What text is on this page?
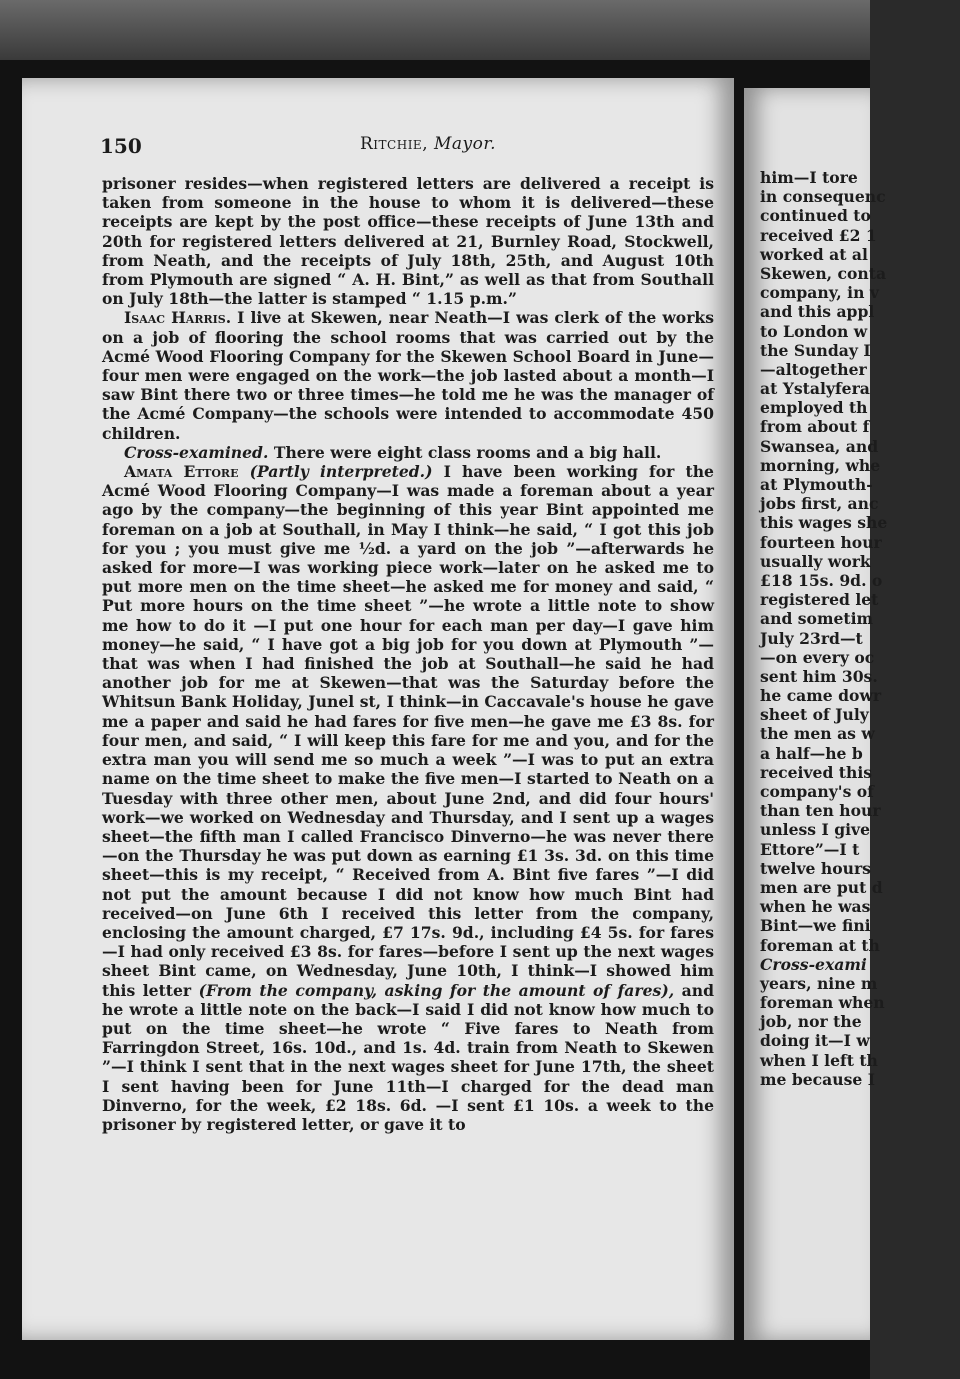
150	Ritchie, Mayor.

prisoner resides—when registered letters are delivered a receipt is taken from someone in the house to whom it is delivered—these receipts are kept by the post office—these receipts of June 13th and 20th for registered letters delivered at 21, Burnley Road, Stockwell, from Neath, and the receipts of July 18th, 25th, and August 10th from Plymouth are signed “ A. H. Bint,” as well as that from Southall on July 18th—the latter is stamped “ 1.15 p.m.”

Isaac Harris. I live at Skewen, near Neath—I was clerk of the works on a job of flooring the school rooms that was carried out by the Acmé Wood Flooring Company for the Skewen School Board in June—four men were engaged on the work—the job lasted about a month—I saw Bint there two or three times—he told me he was the manager of the Acmé Company—the schools were intended to accommodate 450 children.

Cross-examined. There were eight class rooms and a big hall.

Amata Ettore (Partly interpreted.) I have been working for the Acmé Wood Flooring Company—I was made a foreman about a year ago by the company—the beginning of this year Bint appointed me foreman on a job at Southall, in May I think—he said, “ I got this job for you ; you must give me ½d. a yard on the job ”—afterwards he asked for more—I was working piece work—later on he asked me to put more men on the time sheet—he asked me for money and said, “ Put more hours on the time sheet ”—he wrote a little note to show me how to do it —I put one hour for each man per day—I gave him money—he said, “ I have got a big job for you down at Plymouth ”—that was when I had finished the job at Southall—he said he had another job for me at Skewen—that was the Saturday before the Whitsun Bank Holiday, Junel st, I think—in Caccavale's house he gave me a paper and said he had fares for five men—he gave me £3 8s. for four men, and said, “ I will keep this fare for me and you, and for the extra man you will send me so much a week ”—I was to put an extra name on the time sheet to make the five men—I started to Neath on a Tuesday with three other men, about June 2nd, and did four hours' work—we worked on Wednesday and Thursday, and I sent up a wages sheet—the fifth man I called Francisco Dinverno—he was never there—on the Thursday he was put down as earning £1 3s. 3d. on this time sheet—this is my receipt, “ Received from A. Bint five fares ”—I did not put the amount because I did not know how much Bint had received—on June 6th I received this letter from the company, enclosing the amount charged, £7 17s. 9d., including £4 5s. for fares—I had only received £3 8s. for fares—before I sent up the next wages sheet Bint came, on Wednesday, June 10th, I think—I showed him this letter (From the company, asking for the amount of fares), and he wrote a little note on the back—I said I did not know how much to put on the time sheet—he wrote “ Five fares to Neath from Farringdon Street, 16s. 10d., and 1s. 4d. train from Neath to Skewen ”—I think I sent that in the next wages sheet for June 17th, the sheet I sent having been for June 11th—I charged for the dead man Dinverno, for the week, £2 18s. 6d. —I sent £1 10s. a week to the prisoner by registered letter, or gave it to

him—I tore
in consequenc
continued to
received £2 1
worked at al
Skewen, conta
company, in v
and this appl
to London w
the Sunday I
—altogether
at Ystalyfera
employed th
from about f
Swansea, and
morning, whe
at Plymouth-
jobs first, anc
this wages she
fourteen hour
usually work
£18 15s. 9d. o
registered let
and sometim
July 23rd—t
—on every oc
sent him 30s.
he came dowr
sheet of July
the men as w
a half—he b
received this
company's of
than ten hour
unless I give
Ettore”—I t
twelve hours
men are put d
when he was
Bint—we fini
foreman at th
Cross-exami
years, nine m
foreman when
job, nor the
doing it—I w
when I left th
me because I
